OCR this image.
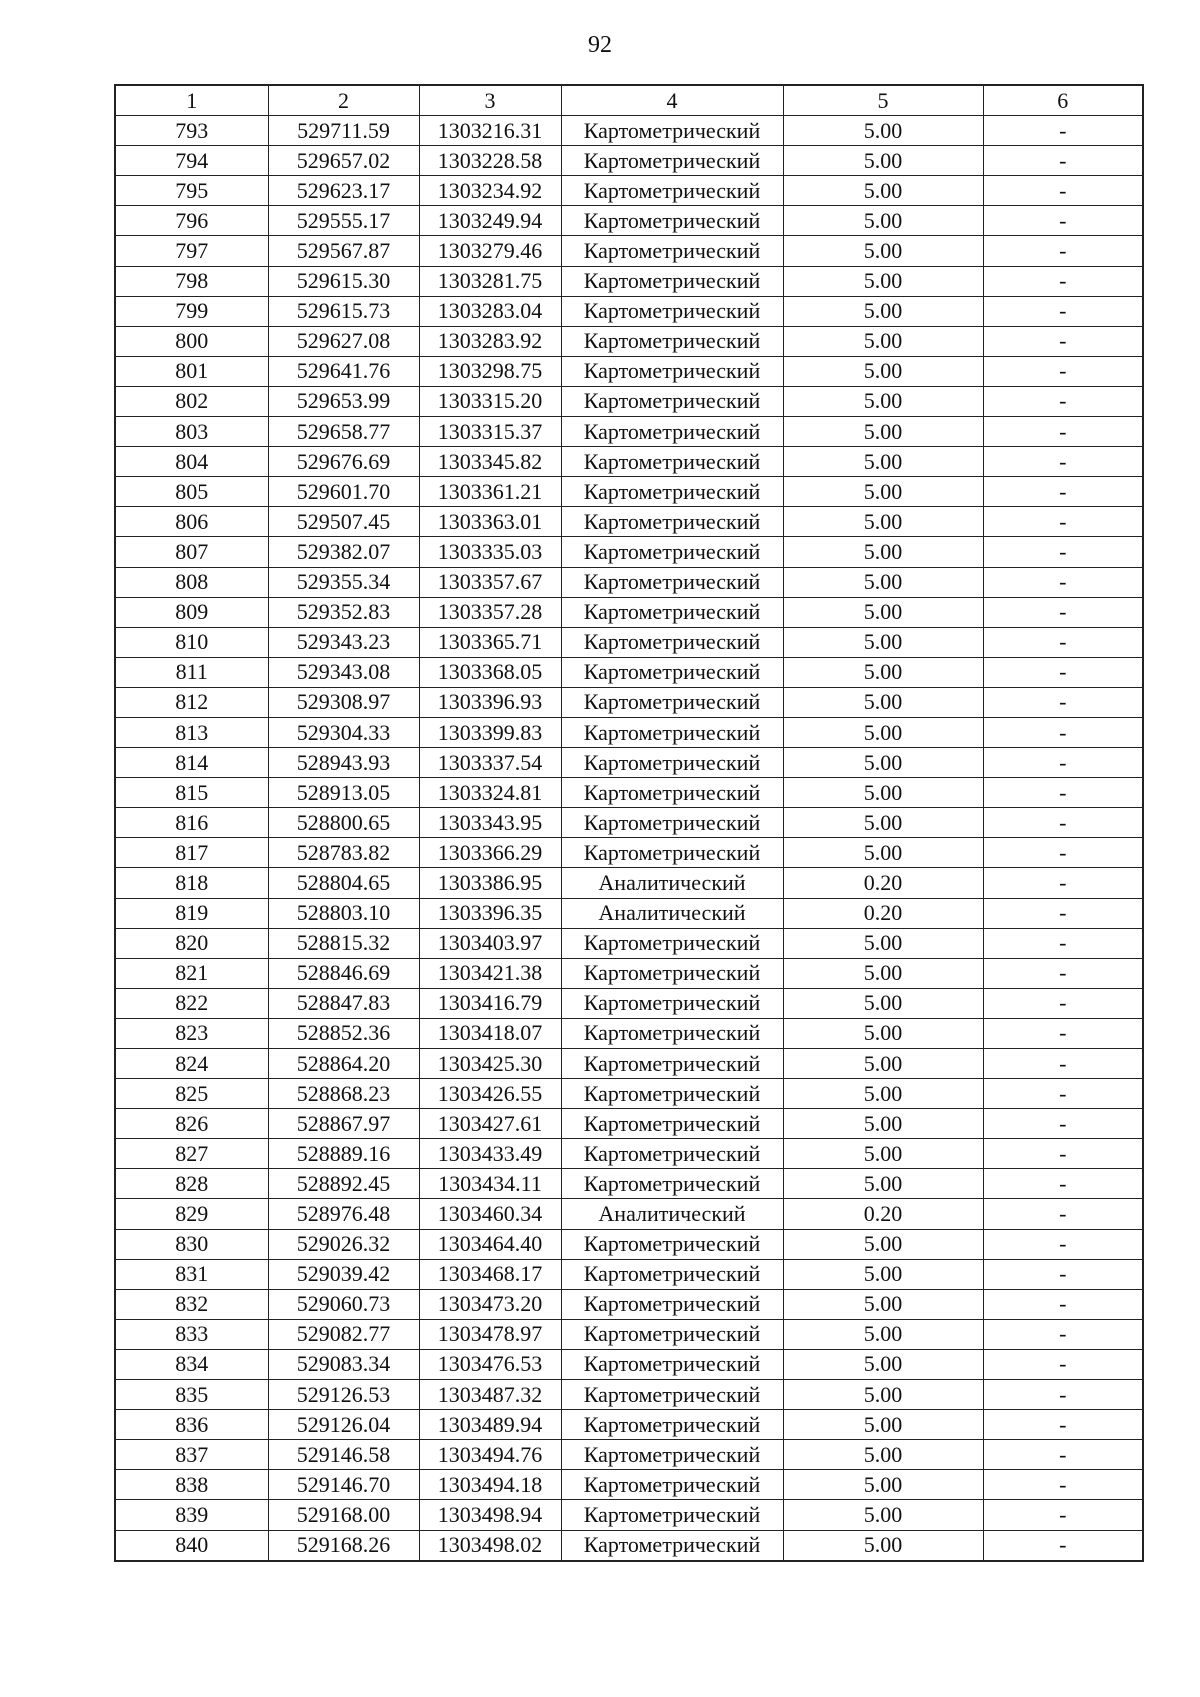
92
1	2	3	4	5	6
793	529711.59	1303216.31	Картометрический	5.00	-
794	529657.02	1303228.58	Картометрический	5.00	-
795	529623.17	1303234.92	Картометрический	5.00	-
796	529555.17	1303249.94	Картометрический	5.00	-
797	529567.87	1303279.46	Картометрический	5.00	-
798	529615.30	1303281.75	Картометрический	5.00	-
799	529615.73	1303283.04	Картометрический	5.00	-
800	529627.08	1303283.92	Картометрический	5.00	-
801	529641.76	1303298.75	Картометрический	5.00	-
802	529653.99	1303315.20	Картометрический	5.00	-
803	529658.77	1303315.37	Картометрический	5.00	-
804	529676.69	1303345.82	Картометрический	5.00	-
805	529601.70	1303361.21	Картометрический	5.00	-
806	529507.45	1303363.01	Картометрический	5.00	-
807	529382.07	1303335.03	Картометрический	5.00	-
808	529355.34	1303357.67	Картометрический	5.00	-
809	529352.83	1303357.28	Картометрический	5.00	-
810	529343.23	1303365.71	Картометрический	5.00	-
811	529343.08	1303368.05	Картометрический	5.00	-
812	529308.97	1303396.93	Картометрический	5.00	-
813	529304.33	1303399.83	Картометрический	5.00	-
814	528943.93	1303337.54	Картометрический	5.00	-
815	528913.05	1303324.81	Картометрический	5.00	-
816	528800.65	1303343.95	Картометрический	5.00	-
817	528783.82	1303366.29	Картометрический	5.00	-
818	528804.65	1303386.95	Аналитический	0.20	-
819	528803.10	1303396.35	Аналитический	0.20	-
820	528815.32	1303403.97	Картометрический	5.00	-
821	528846.69	1303421.38	Картометрический	5.00	-
822	528847.83	1303416.79	Картометрический	5.00	-
823	528852.36	1303418.07	Картометрический	5.00	-
824	528864.20	1303425.30	Картометрический	5.00	-
825	528868.23	1303426.55	Картометрический	5.00	-
826	528867.97	1303427.61	Картометрический	5.00	-
827	528889.16	1303433.49	Картометрический	5.00	-
828	528892.45	1303434.11	Картометрический	5.00	-
829	528976.48	1303460.34	Аналитический	0.20	-
830	529026.32	1303464.40	Картометрический	5.00	-
831	529039.42	1303468.17	Картометрический	5.00	-
832	529060.73	1303473.20	Картометрический	5.00	-
833	529082.77	1303478.97	Картометрический	5.00	-
834	529083.34	1303476.53	Картометрический	5.00	-
835	529126.53	1303487.32	Картометрический	5.00	-
836	529126.04	1303489.94	Картометрический	5.00	-
837	529146.58	1303494.76	Картометрический	5.00	-
838	529146.70	1303494.18	Картометрический	5.00	-
839	529168.00	1303498.94	Картометрический	5.00	-
840	529168.26	1303498.02	Картометрический	5.00	-
